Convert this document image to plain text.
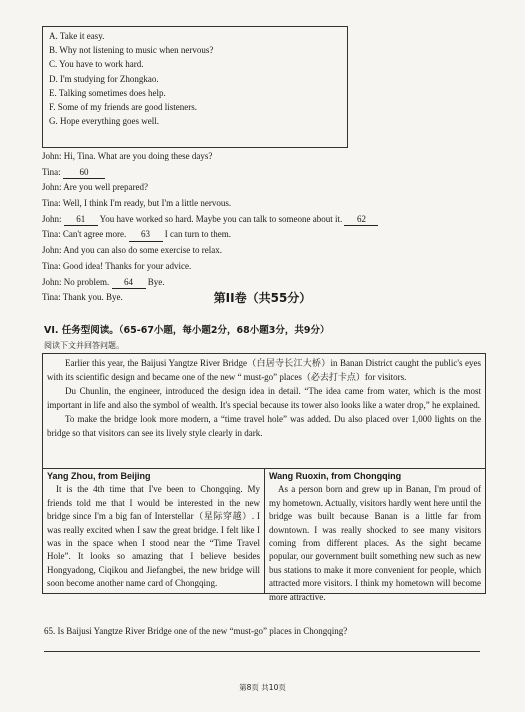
A. Take it easy.
B. Why not listening to music when nervous?
C. You have to work hard.
D. I'm studying for Zhongkao.
E. Talking sometimes does help.
F. Some of my friends are good listeners.
G. Hope everything goes well.
John: Hi, Tina. What are you doing these days?
Tina: 60
John: Are you well prepared?
Tina: Well, I think I'm ready, but I'm a little nervous.
John: 61 You have worked so hard. Maybe you can talk to someone about it. 62
Tina: Can't agree more. 63 I can turn to them.
John: And you can also do some exercise to relax.
Tina: Good idea! Thanks for your advice.
John: No problem. 64 Bye.
Tina: Thank you. Bye.	第II卷（共55分）
VI. 任务型阅读。（65-67小题，每小题2分，68小题3分，共9分）
阅读下文并回答问题。

Earlier this year, the Baijusi Yangtze River Bridge（白居寺长江大桥）in Banan District caught the public's eyes with its scientific design and became one of the new “ must-go” places（必去打卡点）for visitors.

Du Chunlin, the engineer, introduced the design idea in detail. “The idea came from water, which is the most important in life and also the symbol of wealth. It's special because its tower also looks like a water drop,” he explained.

To make the bridge look more modern, a “time travel hole” was added. Du also placed over 1,000 lights on the bridge so that visitors can see its lively style clearly in dark.

Yang Zhou, from Beijing

It is the 4th time that I've been to Chongqing. My friends told me that I would be interested in the new bridge since I'm a big fan of Interstellar（星际穿越）. I was really excited when I saw the great bridge. I felt like I was in the space when I stood near the “Time Travel Hole”. It looks so amazing that I believe besides Hongyadong, Ciqikou and Jiefangbei, the new bridge will soon become another name card of Chongqing.

Wang Ruoxin, from Chongqing

As a person born and grew up in Banan, I'm proud of my hometown. Actually, visitors hardly went here until the bridge was built because Banan is a little far from downtown. I was really shocked to see many visitors coming from different places. As the sight became popular, our government built something new such as new bus stations to make it more convenient for people, which attracted more visitors. I think my hometown will become more attractive.

65. Is Baijusi Yangtze River Bridge one of the new “must-go” places in Chongqing?
第8页 共10页
